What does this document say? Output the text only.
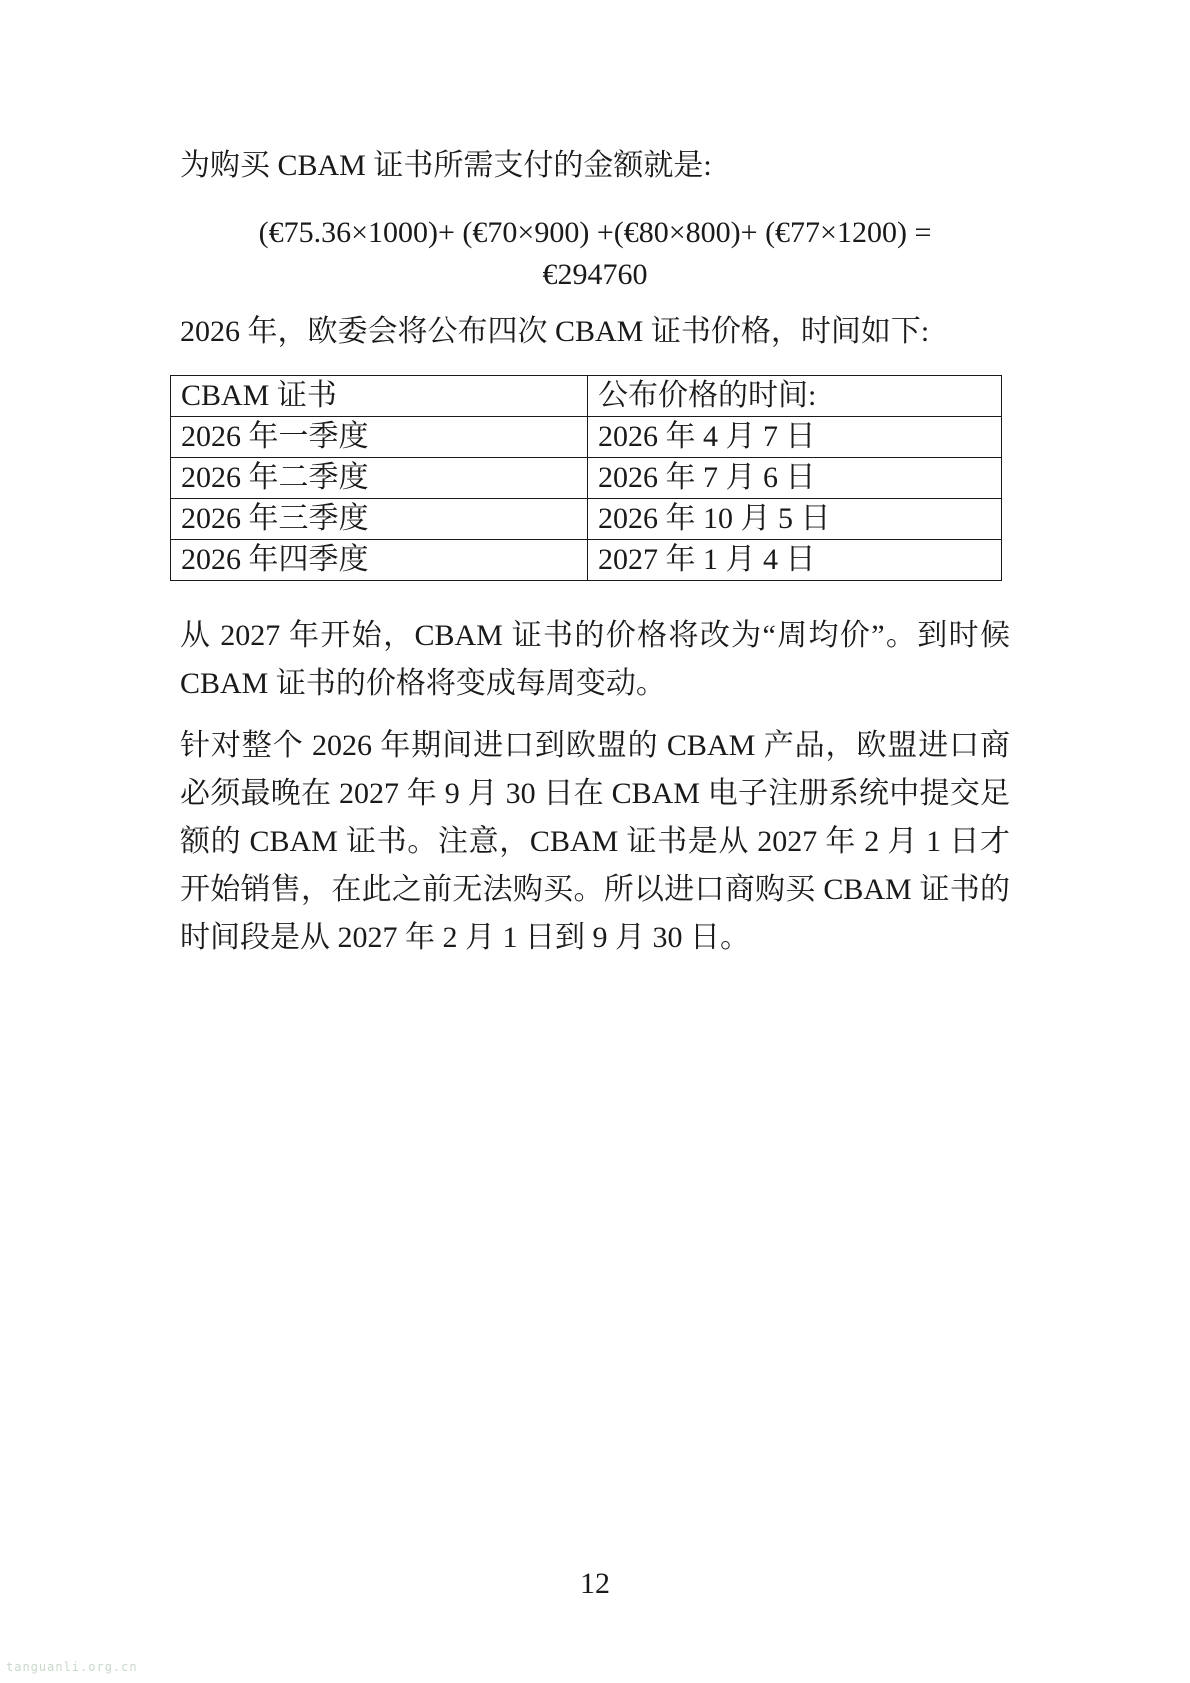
为购买 CBAM 证书所需支付的金额就是:

(€75.36×1000)+ (€70×900) +(€80×800)+ (€77×1200) =
€294760

2026 年，欧委会将公布四次 CBAM 证书价格，时间如下:

CBAM 证书	公布价格的时间:
2026 年一季度	2026 年 4 月 7 日
2026 年二季度	2026 年 7 月 6 日
2026 年三季度	2026 年 10 月 5 日
2026 年四季度	2027 年 1 月 4 日

从 2027 年开始，CBAM 证书的价格将改为“周均价”。到时候 CBAM 证书的价格将变成每周变动。

针对整个 2026 年期间进口到欧盟的 CBAM 产品，欧盟进口商必须最晚在 2027 年 9 月 30 日在 CBAM 电子注册系统中提交足额的 CBAM 证书。注意，CBAM 证书是从 2027 年 2 月 1 日才开始销售，在此之前无法购买。所以进口商购买 CBAM 证书的时间段是从 2027 年 2 月 1 日到 9 月 30 日。

12
tanguanli.org.cn
